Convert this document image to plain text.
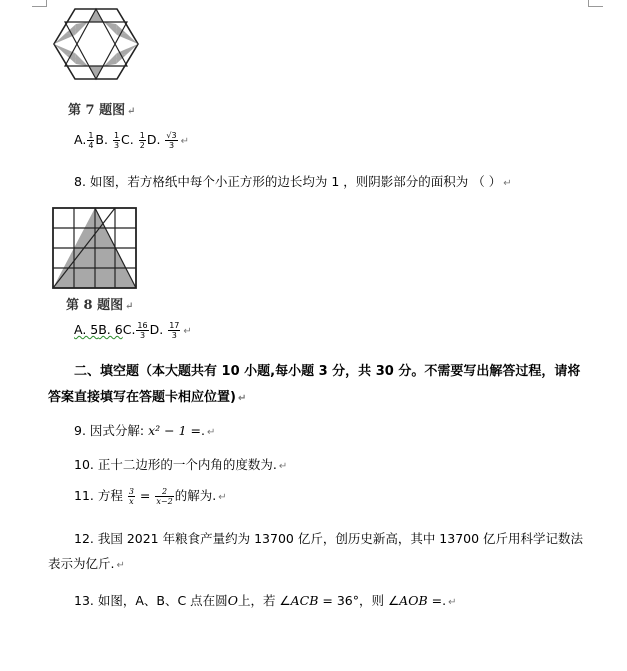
第 7 题图 ↵
A. $\frac{1}{4} B$. $\frac{1}{3} C$. $\frac{1}{2} D$. $\frac{√3}{3}$ ↵
8. 如图，若方格纸中每个小正方形的边长均为 1 ，则阴影部分的面积为 （ ） ↵
第 8 题图 ↵
A. 5B. 6C. $\frac{16}{3} D$. $\frac{17}{3}$ ↵
二、填空题（本大题共有 10 小题,每小题 3 分，共 30 分。不需要写出解答过程，请将
答案直接填写在答题卡相应位置) ↵
9. 因式分解: x² − 1 =. ↵
10. 正十二边形的一个内角的度数为. ↵
11. 方程 $\frac{3}{x} = \frac{2}{x-2}$ 的解为. ↵
12. 我国 2021 年粮食产量约为 13700 亿斤，创历史新高，其中 13700 亿斤用科学记数法
表示为亿斤. ↵
13. 如图，A、B、C 点在圆O上，若 ∠ACB = 36°，则 ∠AOB =. ↵
